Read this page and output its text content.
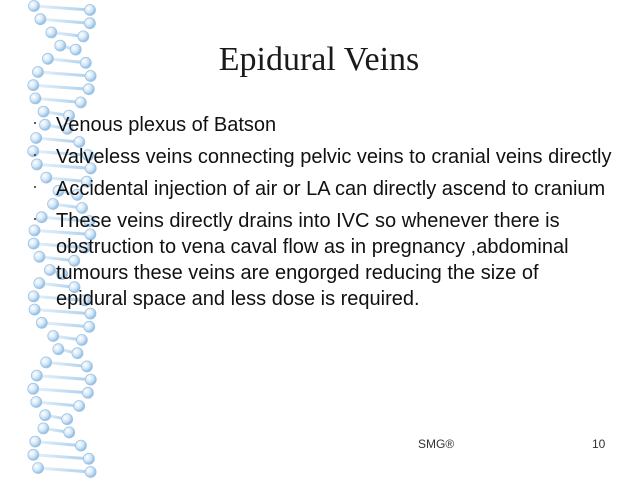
Epidural Veins
· Venous plexus of Batson
· Valveless veins connecting pelvic veins to cranial veins directly
· Accidental injection of air or LA can directly ascend to cranium
· These veins directly drains into IVC so whenever there is obstruction to vena caval flow as in pregnancy ,abdominal tumours these veins are engorged reducing the size of epidural space and less dose is required.
SMG®	10
